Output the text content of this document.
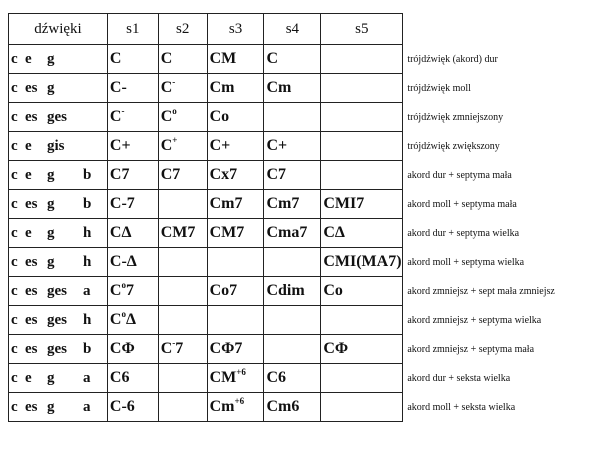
dźwięki	s1	s2	s3	s4	s5	
c e g	C	C	CM	C		trójdźwięk (akord) dur
c es g	C-	C-	Cm	Cm		trójdźwięk moll
c es ges	C-	$C^o$	Co			trójdźwięk zmniejszony
c e gis	C+	C+	C+	C+		trójdźwięk zwiększony
c e g b	C7	C7	Cx7	C7		akord dur + septyma mała
c es g b	C-7		Cm7	Cm7	CMI7	akord moll + septyma mała
c e g h	CΔ	CM7	CM7	Cma7	CΔ	akord dur + septyma wielka
c es g h	C-Δ				CMI(MA7)	akord moll + septyma wielka
c es ges a	$C^o7$		Co7	Cdim	Co	akord zmniejsz + sept mała zmniejsz
c es ges h	$C^o\Delta$					akord zmniejsz + septyma wielka
c es ges b	CΦ	C-7	CΦ7		CΦ	akord zmniejsz + septyma mała
c e g a	C6		$CM^{+6}$	C6		akord dur + seksta wielka
c es g a	C-6		$Cm^{+6}$	Cm6		akord moll + seksta wielka
